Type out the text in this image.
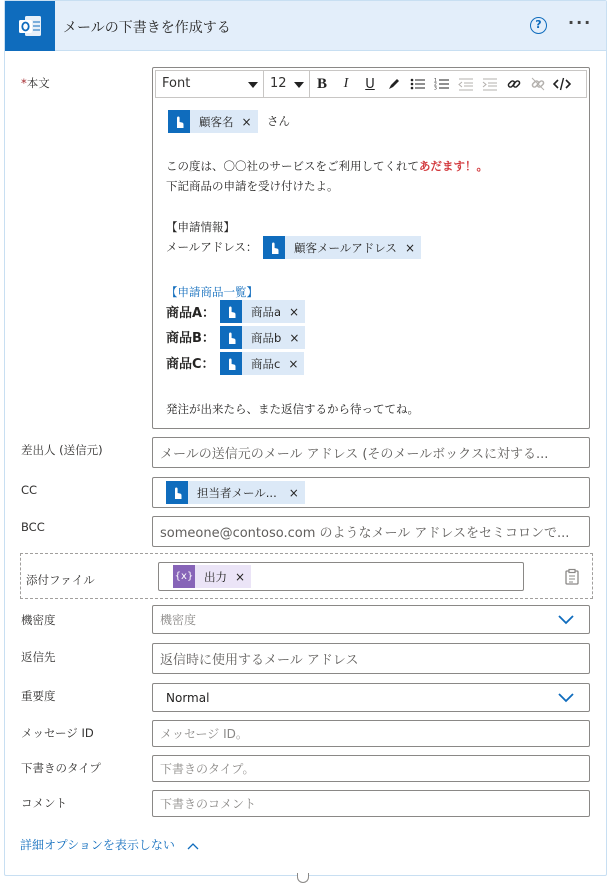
メールの下書きを作成する	?	···
*本文	Font	12	B	I	U	1
2
3
顧客名 × さん
この度は、〇〇社のサービスをご利用してくれてあだます！。
下記商品の申請を受け付けたよ。
【申請情報】
メールアドレス：	顧客メールアドレス ×
【申請商品一覧】
商品A：	商品a ×
商品B：	商品b ×
商品C：	商品c ×
発注が出来たら、また返信するから待っててね。
差出人 (送信元)	メールの送信元のメール アドレス (そのメールボックスに対する...
CC	担当者メール... ×
BCC	someone@contoso.com のようなメール アドレスをセミコロンで...
添付ファイル	{x} 出力 ×
機密度	機密度
返信先	返信時に使用するメール アドレス
重要度	Normal
メッセージ ID	メッセージ ID。
下書きのタイプ	下書きのタイプ。
コメント	下書きのコメント
詳細オプションを表示しない
